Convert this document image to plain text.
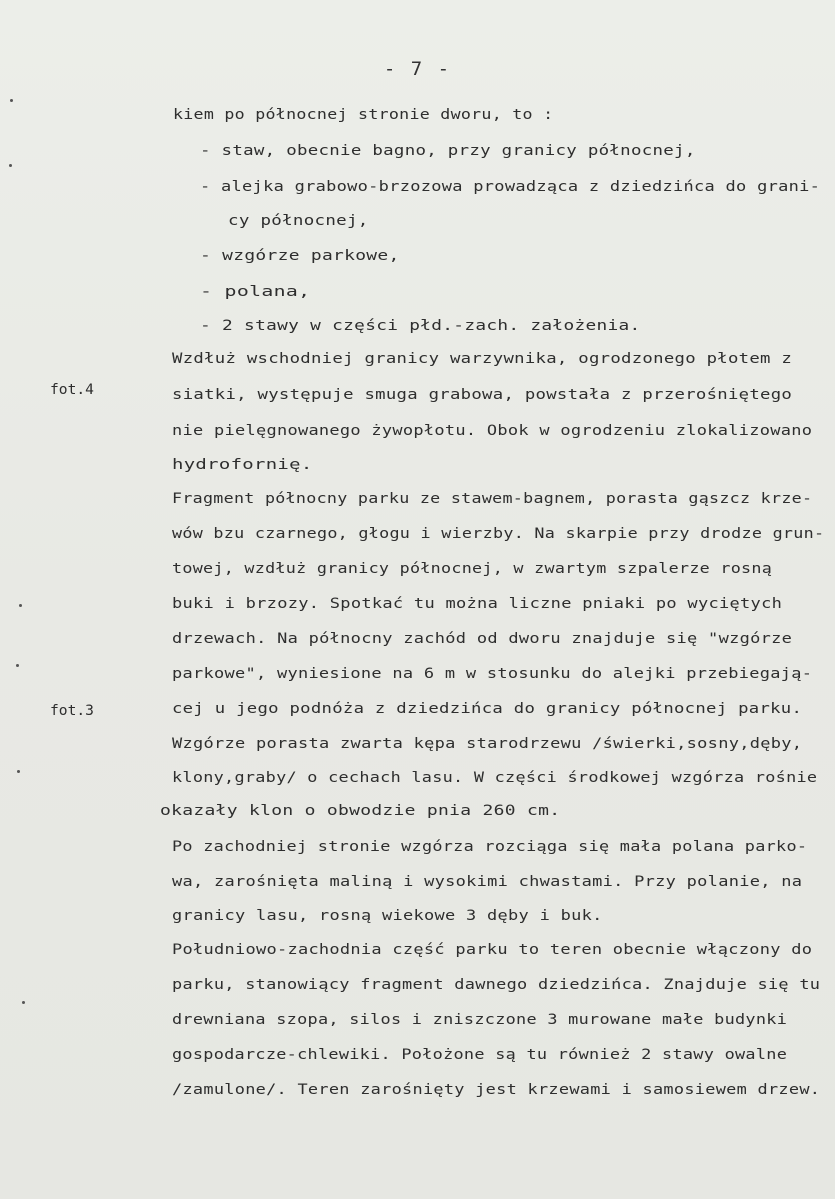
- 7 -
fot.4
fot.3
kiem po północnej stronie dworu, to :
- staw, obecnie bagno, przy granicy północnej,
- alejka grabowo-brzozowa prowadząca z dziedzińca do grani-
cy północnej,
- wzgórze parkowe,
- polana,
- 2 stawy w części płd.-zach. założenia.
Wzdłuż wschodniej granicy warzywnika, ogrodzonego płotem z
siatki, występuje smuga grabowa, powstała z przerośniętego
nie pielęgnowanego żywopłotu. Obok w ogrodzeniu zlokalizowano
hydrofornię.
Fragment północny parku ze stawem-bagnem, porasta gąszcz krze-
wów bzu czarnego, głogu i wierzby. Na skarpie przy drodze grun-
towej, wzdłuż granicy północnej, w zwartym szpalerze rosną
buki i brzozy. Spotkać tu można liczne pniaki po wyciętych
drzewach. Na północny zachód od dworu znajduje się "wzgórze
parkowe", wyniesione na 6 m w stosunku do alejki przebiegają-
cej u jego podnóża z dziedzińca do granicy północnej parku.
Wzgórze porasta zwarta kępa starodrzewu /świerki,sosny,dęby,
klony,graby/ o cechach lasu. W części środkowej wzgórza rośnie
okazały klon o obwodzie pnia 260 cm.
Po zachodniej stronie wzgórza rozciąga się mała polana parko-
wa, zarośnięta maliną i wysokimi chwastami. Przy polanie, na
granicy lasu, rosną wiekowe 3 dęby i buk.
Południowo-zachodnia część parku to teren obecnie włączony do
parku, stanowiący fragment dawnego dziedzińca. Znajduje się tu
drewniana szopa, silos i zniszczone 3 murowane małe budynki
gospodarcze-chlewiki. Położone są tu również 2 stawy owalne
/zamulone/. Teren zarośnięty jest krzewami i samosiewem drzew.
